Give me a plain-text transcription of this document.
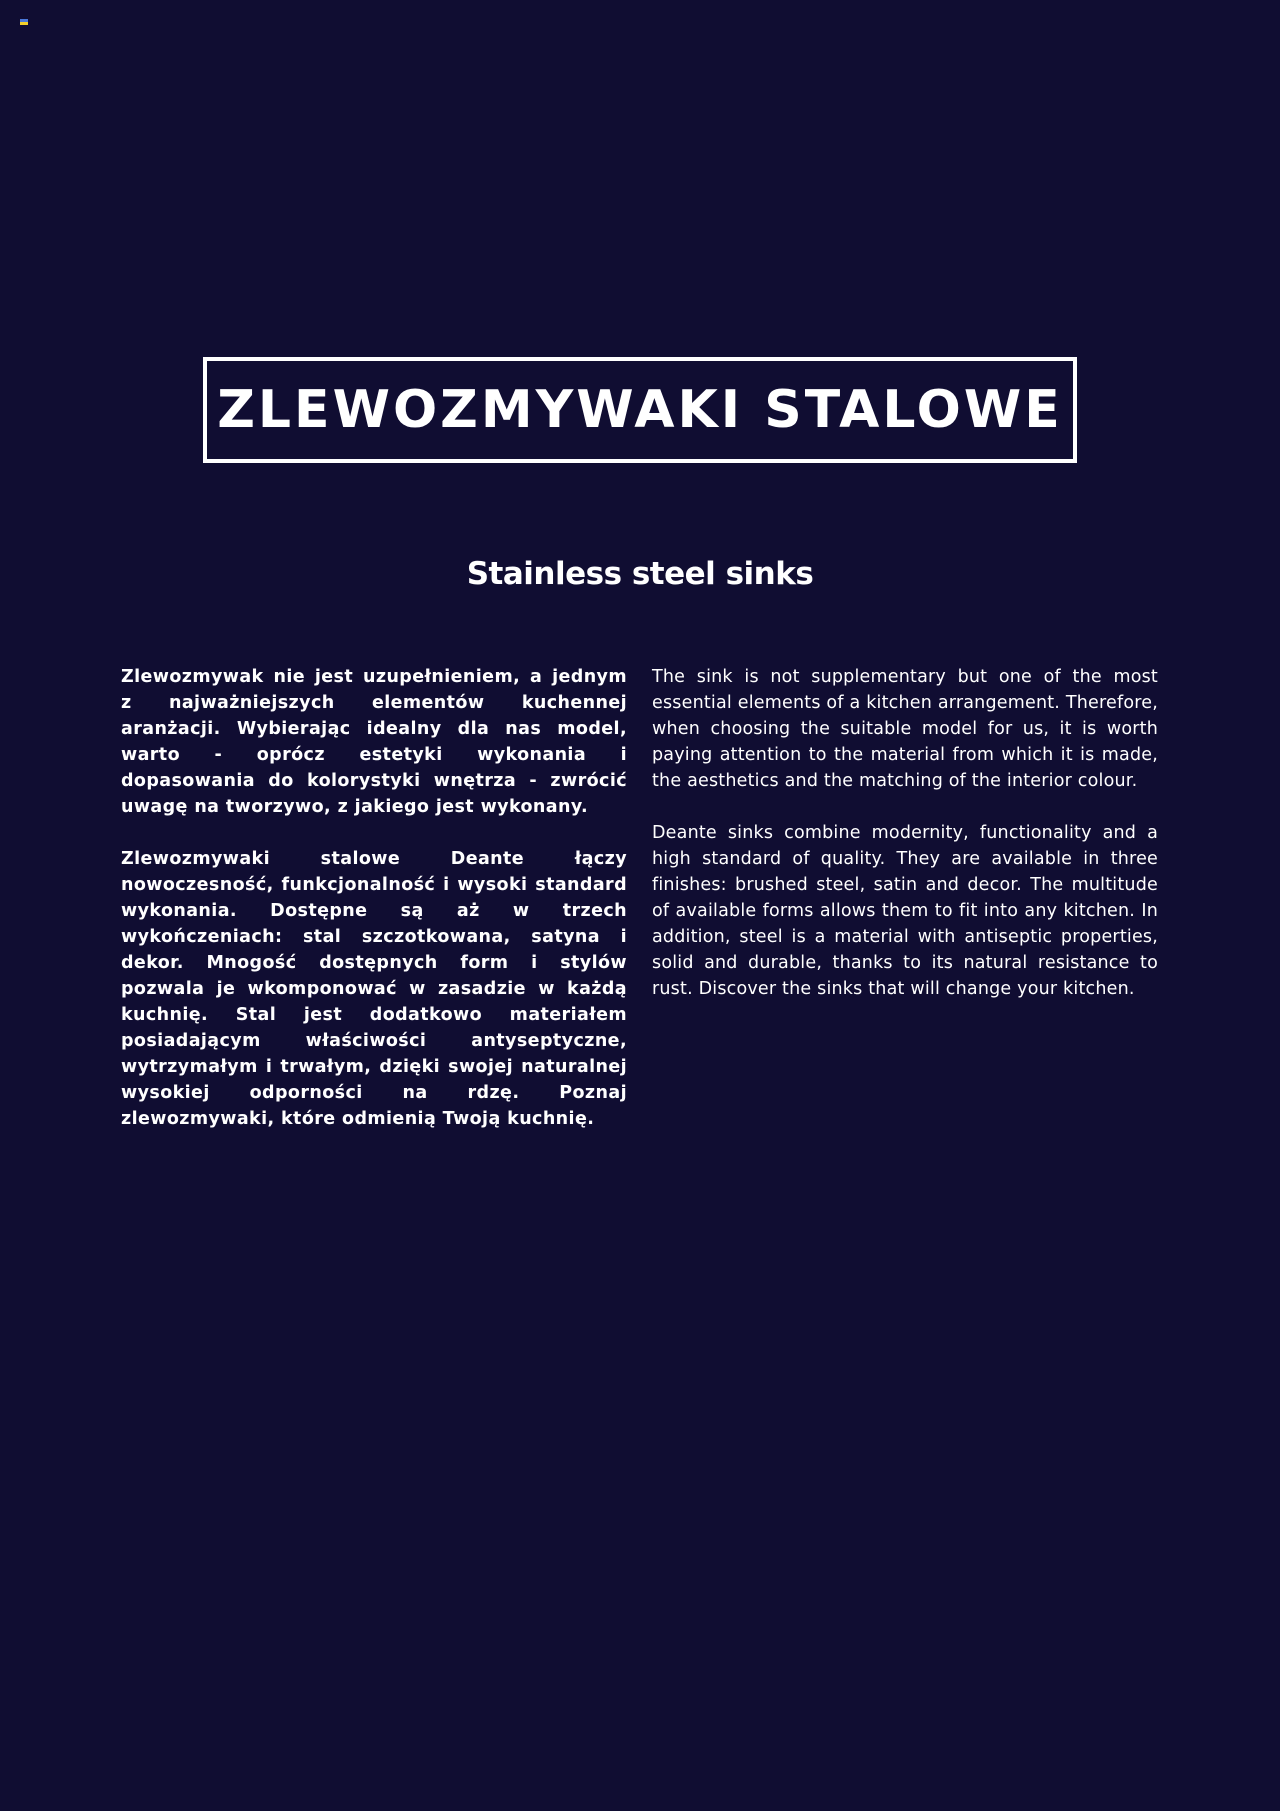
ZLEWOZMYWAKI STALOWE
Stainless steel sinks

Zlewozmywak nie jest uzupełnieniem, a jednym z najważniejszych elementów kuchennej aranżacji. Wybierając idealny dla nas model, warto - oprócz estetyki wykonania i dopasowania do kolorystyki wnętrza - zwrócić uwagę na tworzywo, z jakiego jest wykonany.

Zlewozmywaki stalowe Deante łączy nowoczesność, funkcjonalność i wysoki standard wykonania. Dostępne są aż w trzech wykończeniach: stal szczotkowana, satyna i dekor. Mnogość dostępnych form i stylów pozwala je wkomponować w zasadzie w każdą kuchnię. Stal jest dodatkowo materiałem posiadającym właściwości antyseptyczne, wytrzymałym i trwałym, dzięki swojej naturalnej wysokiej odporności na rdzę. Poznaj zlewozmywaki, które odmienią Twoją kuchnię.

The sink is not supplementary but one of the most essential elements of a kitchen arrangement. Therefore, when choosing the suitable model for us, it is worth paying attention to the material from which it is made, the aesthetics and the matching of the interior colour.

Deante sinks combine modernity, functionality and a high standard of quality. They are available in three finishes: brushed steel, satin and decor. The multitude of available forms allows them to fit into any kitchen. In addition, steel is a material with antiseptic properties, solid and durable, thanks to its natural resistance to rust. Discover the sinks that will change your kitchen.
